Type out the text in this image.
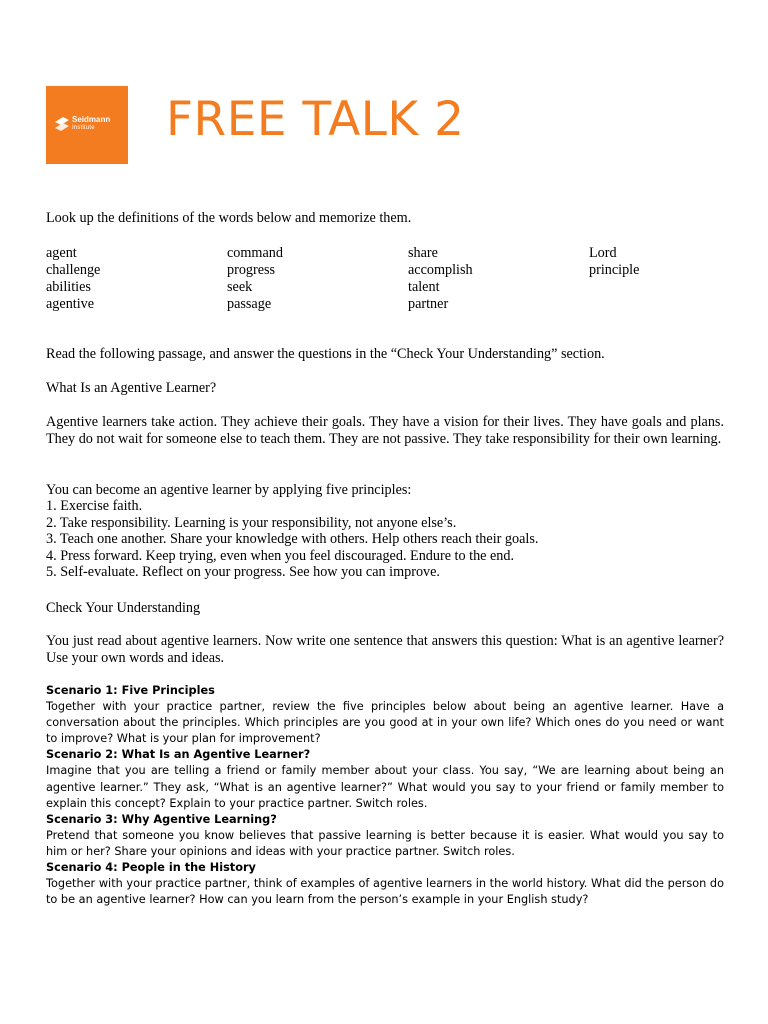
Seidmann
Institute	FREE TALK 2

Look up the definitions of the words below and memorize them.

agent	command	share	Lord
challenge	progress	accomplish	principle
abilities	seek	talent
agentive	passage	partner

Read the following passage, and answer the questions in the “Check Your Understanding” section.

What Is an Agentive Learner?

Agentive learners take action. They achieve their goals. They have a vision for their lives. They have goals and plans. They do not wait for someone else to teach them. They are not passive. They take responsibility for their own learning.

You can become an agentive learner by applying five principles:

1. Exercise faith.
2. Take responsibility. Learning is your responsibility, not anyone else’s.
3. Teach one another. Share your knowledge with others. Help others reach their goals.
4. Press forward. Keep trying, even when you feel discouraged. Endure to the end.
5. Self-evaluate. Reflect on your progress. See how you can improve.

Check Your Understanding

You just read about agentive learners. Now write one sentence that answers this question: What is an agentive learner? Use your own words and ideas.

Scenario 1: Five Principles
Together with your practice partner, review the five principles below about being an agentive learner. Have a conversation about the principles. Which principles are you good at in your own life? Which ones do you need or want to improve? What is your plan for improvement?
Scenario 2: What Is an Agentive Learner?
Imagine that you are telling a friend or family member about your class. You say, “We are learning about being an agentive learner.” They ask, “What is an agentive learner?” What would you say to your friend or family member to explain this concept? Explain to your practice partner. Switch roles.
Scenario 3: Why Agentive Learning?
Pretend that someone you know believes that passive learning is better because it is easier. What would you say to him or her? Share your opinions and ideas with your practice partner. Switch roles.
Scenario 4: People in the History
Together with your practice partner, think of examples of agentive learners in the world history. What did the person do to be an agentive learner? How can you learn from the person’s example in your English study?
